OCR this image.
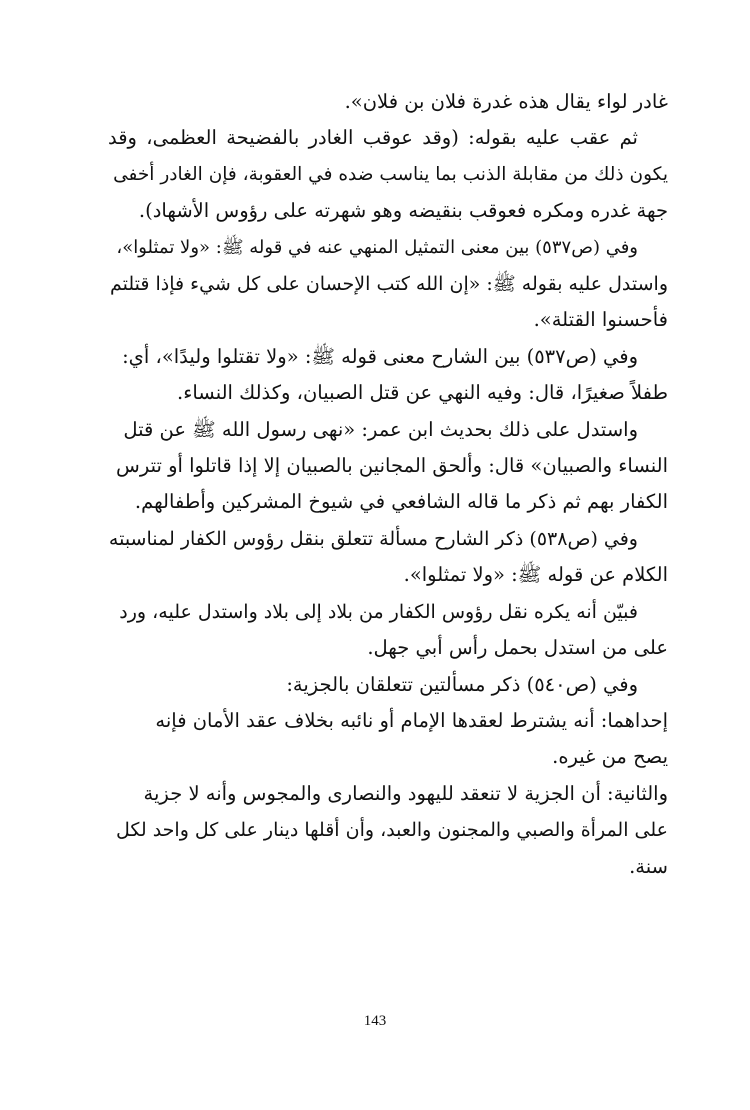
غادر لواء يقال هذه غدرة فلان بن فلان».

ثم عقب عليه بقوله: (وقد عوقب الغادر بالفضيحة العظمى، وقد

يكون ذلك من مقابلة الذنب بما يناسب ضده في العقوبة، فإن الغادر أخفى

جهة غدره ومكره فعوقب بنقيضه وهو شهرته على رؤوس الأشهاد).

وفي (ص٥٣٧) بين معنى التمثيل المنهي عنه في قوله ﷺ: «ولا تمثلوا»،

واستدل عليه بقوله ﷺ: «إن الله كتب الإحسان على كل شيء فإذا قتلتم

فأحسنوا القتلة».

وفي (ص٥٣٧) بين الشارح معنى قوله ﷺ: «ولا تقتلوا وليدًا»، أي:

طفلاً صغيرًا، قال: وفيه النهي عن قتل الصبيان، وكذلك النساء.

واستدل على ذلك بحديث ابن عمر: «نهى رسول الله ﷺ عن قتل

النساء والصبيان» قال: وألحق المجانين بالصبيان إلا إذا قاتلوا أو تترس

الكفار بهم ثم ذكر ما قاله الشافعي في شيوخ المشركين وأطفالهم.

وفي (ص٥٣٨) ذكر الشارح مسألة تتعلق بنقل رؤوس الكفار لمناسبته

الكلام عن قوله ﷺ: «ولا تمثلوا».

فبيّن أنه يكره نقل رؤوس الكفار من بلاد إلى بلاد واستدل عليه، ورد

على من استدل بحمل رأس أبي جهل.

وفي (ص٥٤٠) ذكر مسألتين تتعلقان بالجزية:

إحداهما: أنه يشترط لعقدها الإمام أو نائبه بخلاف عقد الأمان فإنه

يصح من غيره.

والثانية: أن الجزية لا تنعقد لليهود والنصارى والمجوس وأنه لا جزية

على المرأة والصبي والمجنون والعبد، وأن أقلها دينار على كل واحد لكل

سنة.

143
